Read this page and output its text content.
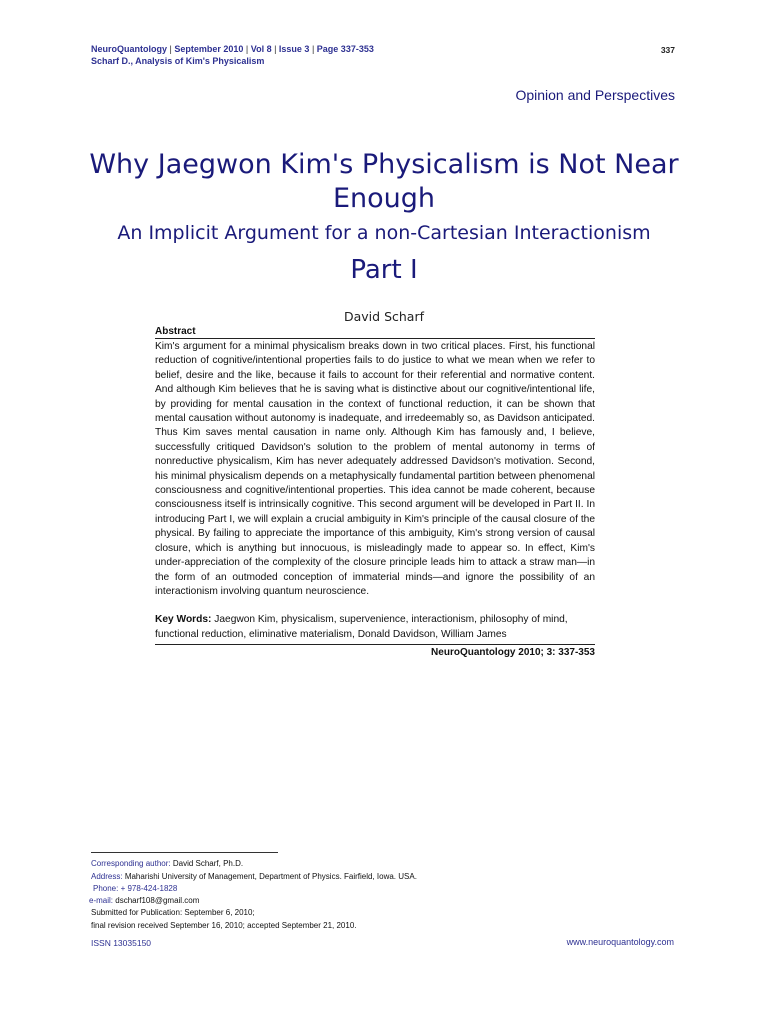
NeuroQuantology | September 2010 | Vol 8 | Issue 3 | Page 337-353
Scharf D., Analysis of Kim's Physicalism
337
Opinion and Perspectives
Why Jaegwon Kim's Physicalism is Not Near Enough
An Implicit Argument for a non-Cartesian Interactionism
Part I
David Scharf
Abstract
Kim's argument for a minimal physicalism breaks down in two critical places. First, his functional reduction of cognitive/intentional properties fails to do justice to what we mean when we refer to belief, desire and the like, because it fails to account for their referential and normative content. And although Kim believes that he is saving what is distinctive about our cognitive/intentional life, by providing for mental causation in the context of functional reduction, it can be shown that mental causation without autonomy is inadequate, and irredeemably so, as Davidson anticipated. Thus Kim saves mental causation in name only. Although Kim has famously and, I believe, successfully critiqued Davidson's solution to the problem of mental autonomy in terms of nonreductive physicalism, Kim has never adequately addressed Davidson's motivation. Second, his minimal physicalism depends on a metaphysically fundamental partition between phenomenal consciousness and cognitive/intentional properties. This idea cannot be made coherent, because consciousness itself is intrinsically cognitive. This second argument will be developed in Part II. In introducing Part I, we will explain a crucial ambiguity in Kim's principle of the causal closure of the physical. By failing to appreciate the importance of this ambiguity, Kim's strong version of causal closure, which is anything but innocuous, is misleadingly made to appear so. In effect, Kim's under-appreciation of the complexity of the closure principle leads him to attack a straw man—in the form of an outmoded conception of immaterial minds—and ignore the possibility of an interactionism involving quantum neuroscience.
Key Words: Jaegwon Kim, physicalism, supervenience, interactionism, philosophy of mind, functional reduction, eliminative materialism, Donald Davidson, William James
NeuroQuantology 2010; 3: 337-353
Corresponding author: David Scharf, Ph.D.
Address: Maharishi University of Management, Department of Physics. Fairfield, Iowa. USA.
Phone: + 978-424-1828
e-mail: dscharf108@gmail.com
Submitted for Publication: September 6, 2010;
final revision received September 16, 2010; accepted September 21, 2010.
ISSN 13035150	www.neuroquantology.com
